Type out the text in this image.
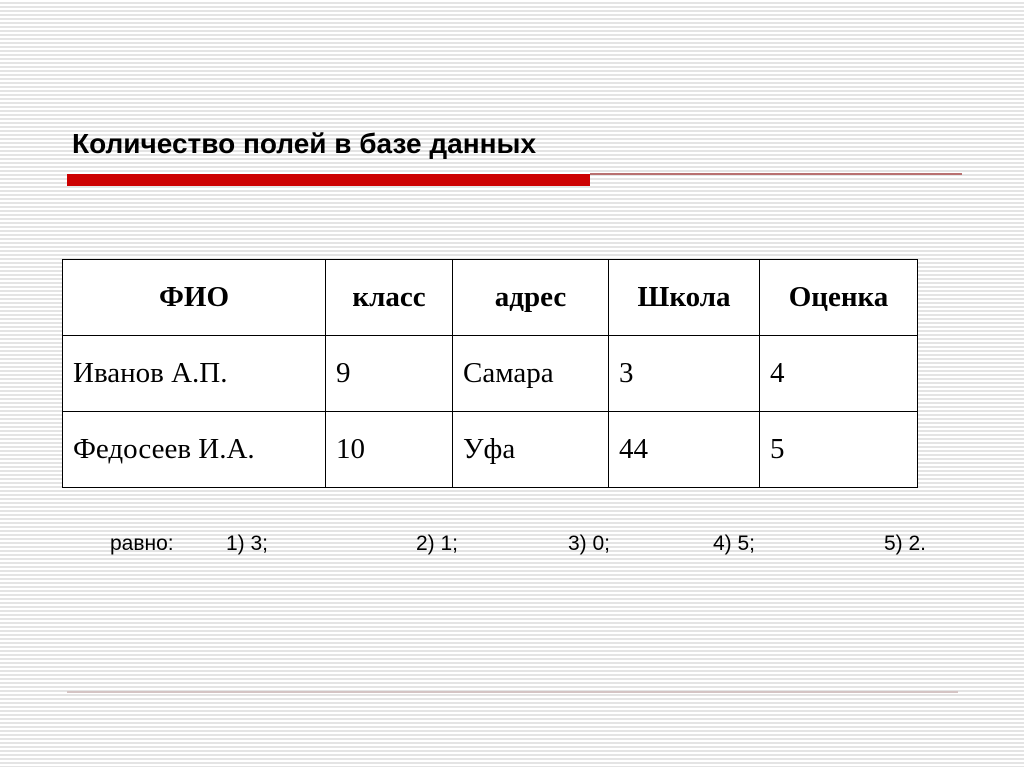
Количество полей в базе данных
ФИО	класс	адрес	Школа	Оценка
Иванов А.П.	9	Самара	3	4
Федосеев И.А.	10	Уфа	44	5
равно: 1) 3;	2) 1;	3) 0;	4) 5;	5) 2.
